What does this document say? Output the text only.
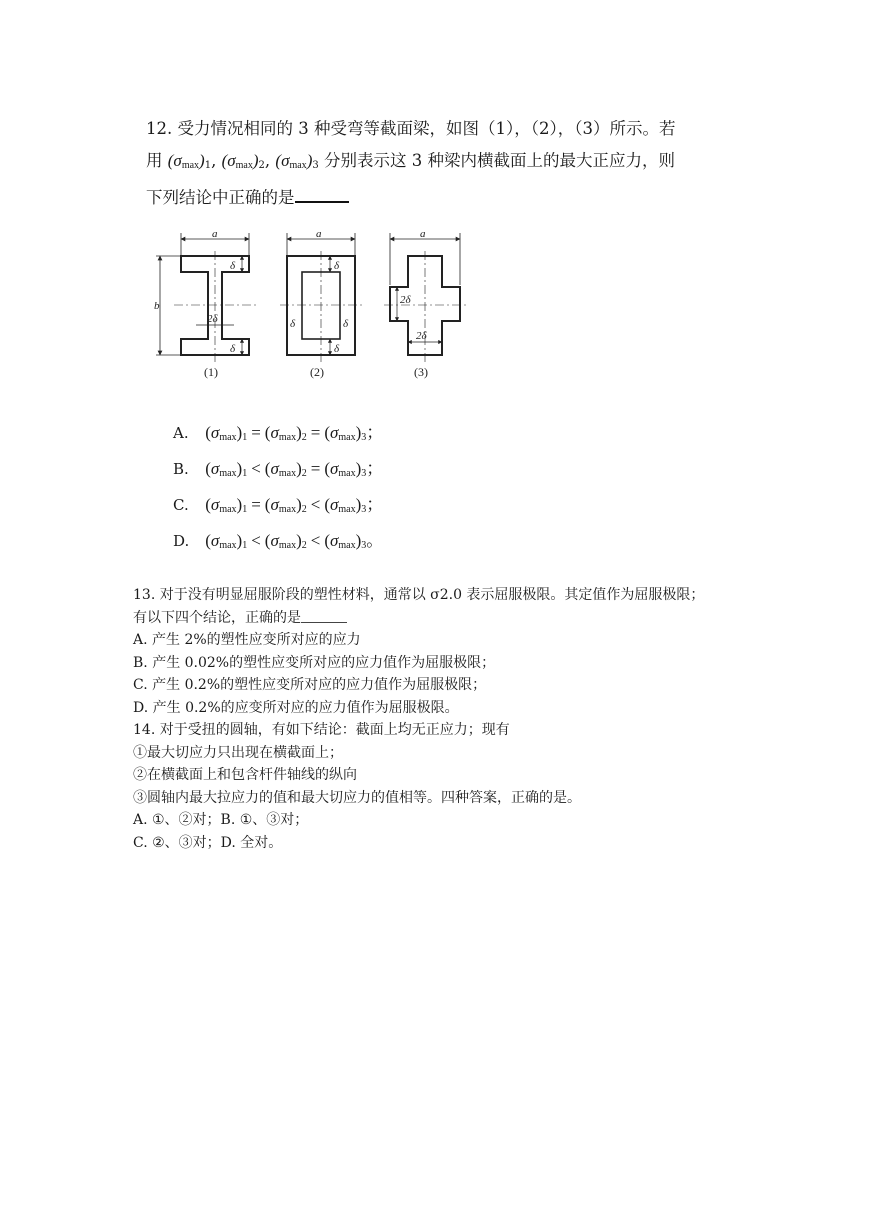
12. 受力情况相同的 3 种受弯等截面梁，如图（1），（2），（3）所示。若
用 $(\sigma_{max})_1$, $(\sigma_{max})_2$, $(\sigma_{max})_3$ 分别表示这 3 种梁内横截面上的最大正应力，则
下列结论中正确的是
a
b
δ
δ
2δ
(1)
a
δ
δ
δ	δ
(2)
a
2δ
2δ
(3)
A. $(\sigma_{max})_1 = (\sigma_{max})_2 = (\sigma_{max})_3$；
B. $(\sigma_{max})_1 < (\sigma_{max})_2 = (\sigma_{max})_3$；
C. $(\sigma_{max})_1 = (\sigma_{max})_2 < (\sigma_{max})_3$；
D. $(\sigma_{max})_1 < (\sigma_{max})_2 < (\sigma_{max})_3$。
13. 对于没有明显屈服阶段的塑性材料，通常以 σ2.0 表示屈服极限。其定值作为屈服极限；
有以下四个结论，正确的是
A. 产生 2%的塑性应变所对应的应力
B. 产生 0.02%的塑性应变所对应的应力值作为屈服极限；
C. 产生 0.2%的塑性应变所对应的应力值作为屈服极限；
D. 产生 0.2%的应变所对应的应力值作为屈服极限。
14. 对于受扭的圆轴，有如下结论：截面上均无正应力；现有
①最大切应力只出现在横截面上；
②在横截面上和包含杆件轴线的纵向
③圆轴内最大拉应力的值和最大切应力的值相等。四种答案，正确的是。
A. ①、②对；B. ①、③对；
C. ②、③对；D. 全对。
